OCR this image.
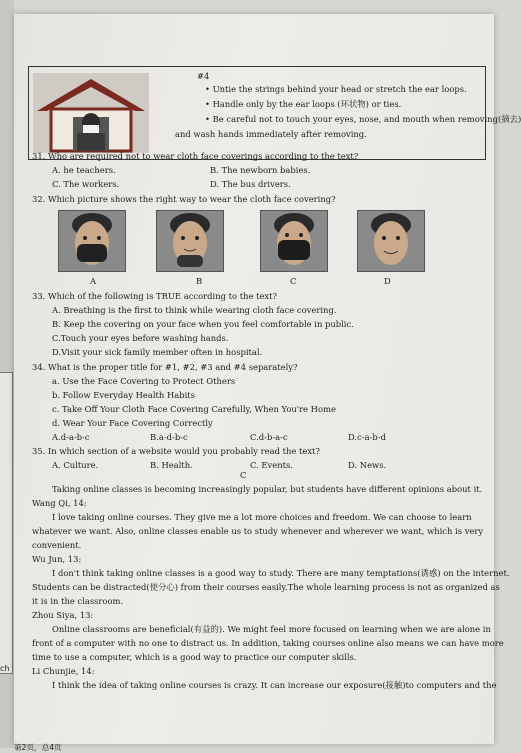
ch
#4
• Untie the strings behind your head or stretch the ear loops.
• Handle only by the ear loops (环状物) or ties.
• Be careful not to touch your eyes, nose, and mouth when removing(摘去)
and wash hands immediately after removing.
31. Who are required not to wear cloth face coverings according to the text?
A. he teachers.	B. The newborn babies.
C. The workers.	D. The bus drivers.
32. Which picture shows the right way to wear the cloth face covering?
A	B	C	D
33. Which of the following is TRUE according to the text?
A. Breathing is the first to think while wearing cloth face covering.
B. Keep the covering on your face when you feel comfortable in public.
C.Touch your eyes before washing hands.
D.Visit your sick family member often in hospital.
34. What is the proper title for #1, #2, #3 and #4 separately?
a. Use the Face Covering to Protect Others
b. Follow Everyday Health Habits
c. Take Off Your Cloth Face Covering Carefully, When You're Home
d. Wear Your Face Covering Correctly
A.d-a-b-c	B.a-d-b-c	C.d-b-a-c	D.c-a-b-d
35. In which section of a website would you probably read the text?
A. Culture.	B. Health.	C. Events.	D. News.
C
Taking online classes is becoming increasingly popular, but students have different opinions about it.
Wang Qi, 14:
I love taking online courses. They give me a lot more choices and freedom. We can choose to learn
whatever we want. Also, online classes enable us to study whenever and wherever we want, which is very
convenient.
Wu Jun, 13:
I don't think taking online classes is a good way to study. There are many temptations(诱惑) on the internet.
Students can be distracted(使分心) from their courses easily.The whole learning process is not as organized as
it is in the classroom.
Zhou Siya, 13:
Online classrooms are beneficial(有益的). We might feel more focused on learning when we are alone in
front of a computer with no one to distract us. In addition, taking courses online also means we can have more
time to use a computer, which is a good way to practice our computer skills.
Li Chunjie, 14:
I think the idea of taking online courses is crazy. It can increase our exposure(接触)to computers and the
第2页，总4页
